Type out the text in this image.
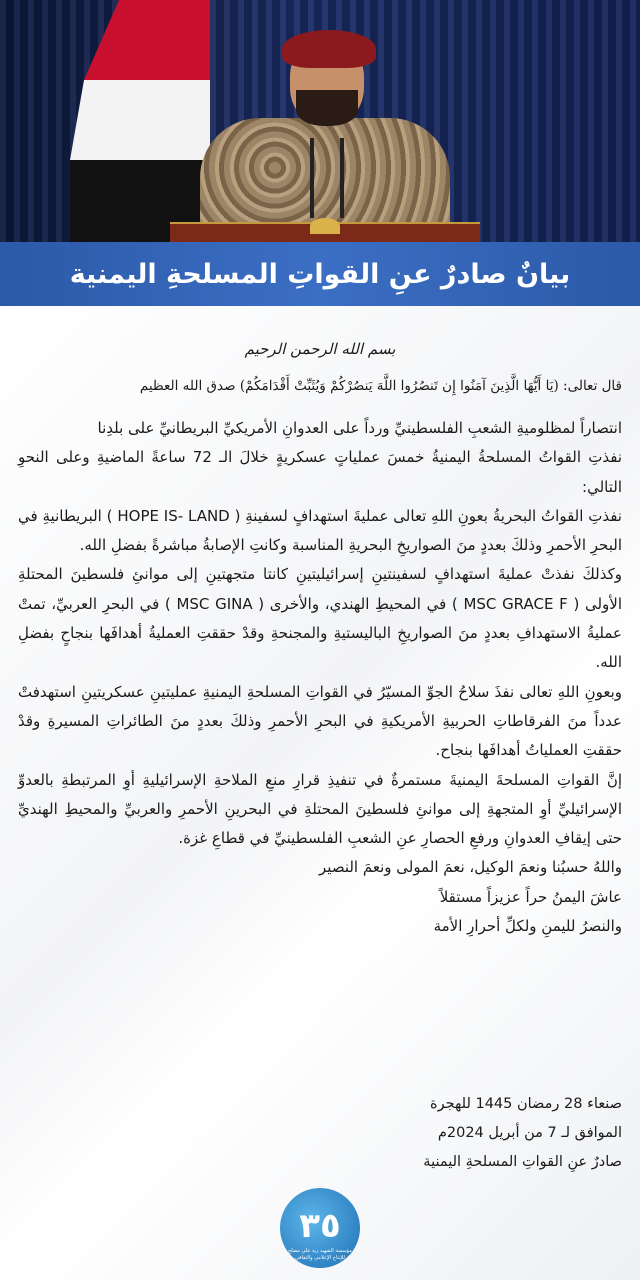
بيانٌ صادرٌ عنِ القواتِ المسلحةِ اليمنية
بسم الله الرحمن الرحيم
قال تعالى: (يَا أَيُّهَا الَّذِينَ آمَنُوا إِن تَنصُرُوا اللَّهَ يَنصُرْكُمْ وَيُثَبِّتْ أَقْدَامَكُمْ) صدق الله العظيم

انتصاراً لمظلوميةِ الشعبِ الفلسطينيِّ ورداً على العدوانِ الأمريكيِّ البريطانيِّ على بلدِنا

نفذتِ القواتُ المسلحةُ اليمنيةُ خمسَ عملياتٍ عسكريةٍ خلالَ الـ 72 ساعةً الماضيةِ وعلى النحوِ التالي:

نفذتِ القواتُ البحريةُ بعونِ اللهِ تعالى عمليةَ استهدافٍ لسفينةِ ( HOPE IS- LAND ) البريطانيةِ في البحرِ الأحمرِ وذلكَ بعددٍ منَ الصواريخِ البحريةِ المناسبة وكانتِ الإصابةُ مباشرةً بفضلِ الله.

وكذلكَ نفذتْ عمليةَ استهدافٍ لسفينتينِ إسرائيليتينِ كانتا متجهتينِ إلى موانئِ فلسطينَ المحتلةِ الأولى ( MSC GRACE F ) في المحيطِ الهندي، والأخرى ( MSC GINA ) في البحرِ العربيِّ، تمتْ عمليةُ الاستهدافِ بعددٍ منَ الصواريخِ الباليستيةِ والمجنحةِ وقدْ حققتِ العمليةُ أهدافَها بنجاحٍ بفضلِ الله.

وبعونِ اللهِ تعالى نفذَ سلاحُ الجوِّ المسيّرُ في القواتِ المسلحةِ اليمنيةِ عمليتينِ عسكريتينِ استهدفتْ عدداً منَ الفرقاطاتِ الحربيةِ الأمريكيةِ في البحرِ الأحمرِ وذلكَ بعددٍ منَ الطائراتِ المسيرةِ وقدْ حققتِ العملياتُ أهدافَها بنجاح.

إنَّ القواتِ المسلحةَ اليمنيةَ مستمرةٌ في تنفيذِ قرارِ منعِ الملاحةِ الإسرائيليةِ أوِ المرتبطةِ بالعدوِّ الإسرائيليِّ أوِ المتجهةِ إلى موانئِ فلسطينَ المحتلةِ في البحرينِ الأحمرِ والعربيِّ والمحيطِ الهنديِّ حتى إيقافِ العدوانِ ورفعِ الحصارِ عنِ الشعبِ الفلسطينيِّ في قطاعِ غزة.

واللهُ حسبُنا ونعمَ الوكيل، نعمَ المولى ونعمَ النصير

عاشَ اليمنُ حراً عزيزاً مستقلاً

والنصرُ لليمنِ ولكلِّ أحرارِ الأمة

صنعاء 28 رمضان 1445 للهجرة

الموافق لـ 7 من أبريل 2024م

صادرٌ عنِ القواتِ المسلحةِ اليمنية

٣٥
مؤسسة الشهيد زيد علي مصلح
للإنتاج الإعلامي والثقافي
